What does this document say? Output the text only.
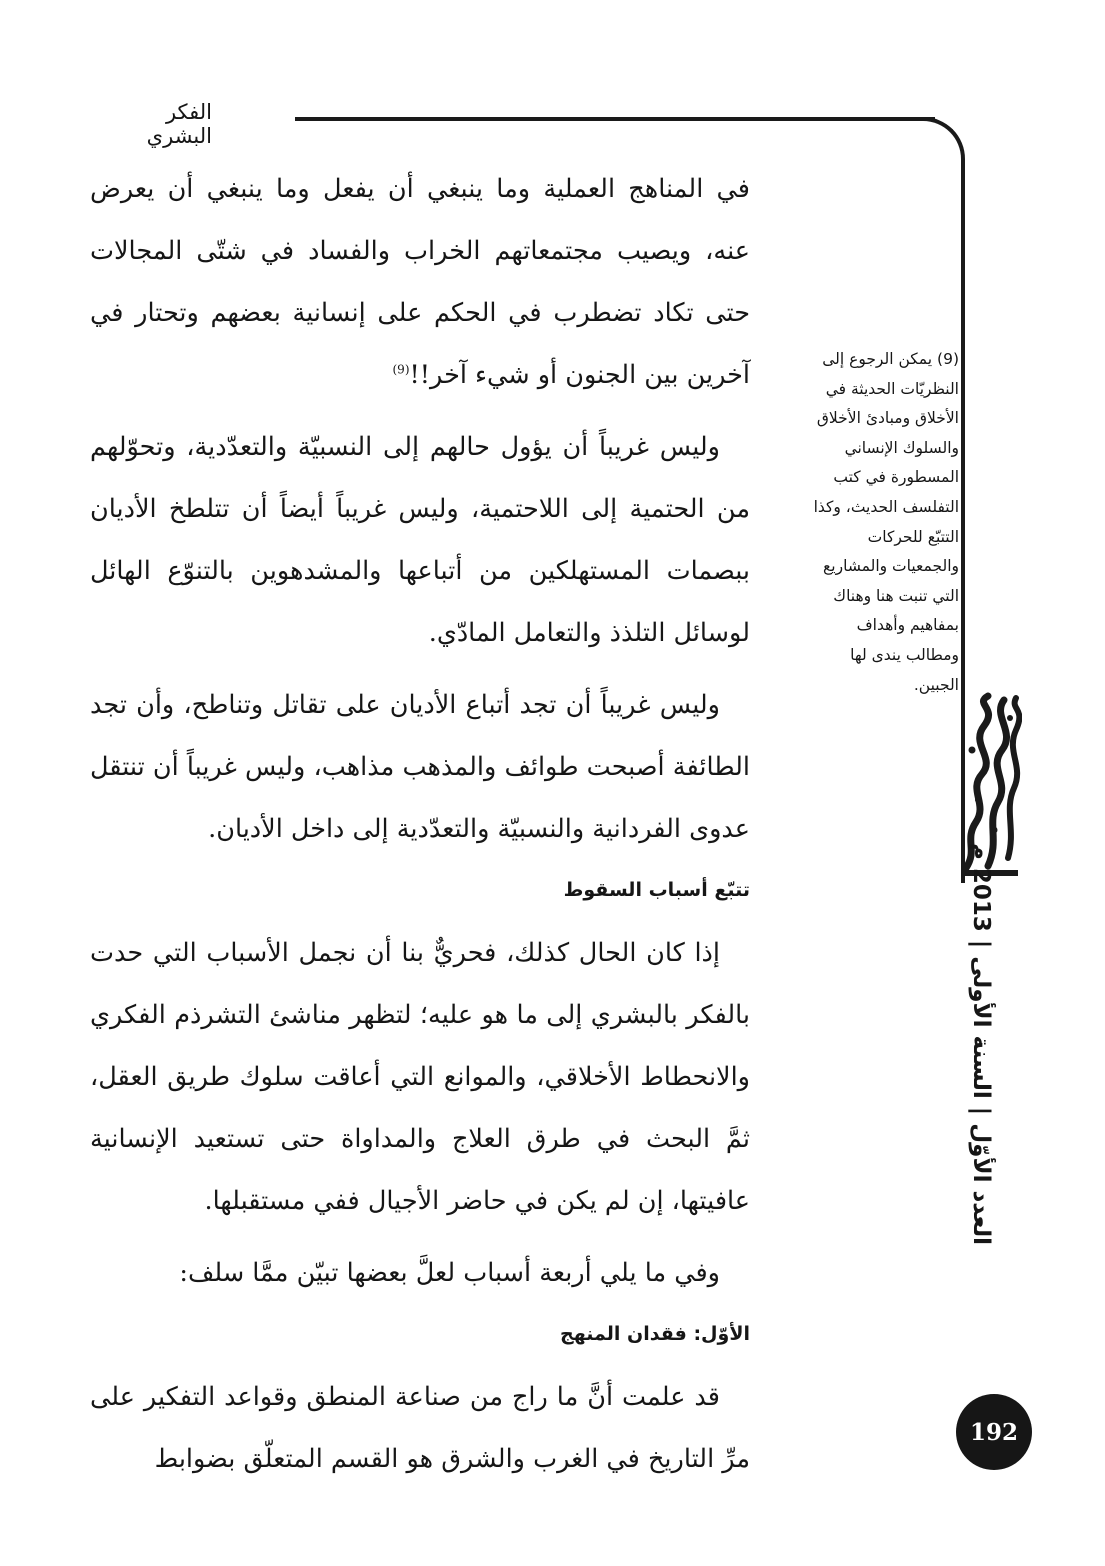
الفكر البشري

في المناهج العملية وما ينبغي أن يفعل وما ينبغي أن يعرض عنه، ويصيب مجتمعاتهم الخراب والفساد في شتّى المجالات حتى تكاد تضطرب في الحكم على إنسانية بعضهم وتحتار في آخرين بين الجنون أو شيء آخر!!$^{(9)}$

وليس غريباً أن يؤول حالهم إلى النسبيّة والتعدّدية، وتحوّلهم من الحتمية إلى اللاحتمية، وليس غريباً أيضاً أن تتلطخ الأديان ببصمات المستهلكين من أتباعها والمشدهوين بالتنوّع الهائل لوسائل التلذذ والتعامل المادّي.

وليس غريباً أن تجد أتباع الأديان على تقاتل وتناطح، وأن تجد الطائفة أصبحت طوائف والمذهب مذاهب، وليس غريباً أن تنتقل عدوى الفردانية والنسبيّة والتعدّدية إلى داخل الأديان.

تتبّع أسباب السقوط

إذا كان الحال كذلك، فحريٌّ بنا أن نجمل الأسباب التي حدت بالفكر بالبشري إلى ما هو عليه؛ لتظهر مناشئ التشرذم الفكري والانحطاط الأخلاقي، والموانع التي أعاقت سلوك طريق العقل، ثمَّ البحث في طرق العلاج والمداواة حتى تستعيد الإنسانية عافيتها، إن لم يكن في حاضر الأجيال ففي مستقبلها.

وفي ما يلي أربعة أسباب لعلَّ بعضها تبيّن ممَّا سلف:

الأوّل: فقدان المنهج

قد علمت أنَّ ما راج من صناعة المنطق وقواعد التفكير على مرِّ التاريخ في الغرب والشرق هو القسم المتعلّق بضوابط

(9) يمكن الرجوع إلى
النظريّات الحديثة في
الأخلاق ومبادئ الأخلاق
والسلوك الإنساني
المسطورة في كتب
التفلسف الحديث، وكذا
التتبّع للحركات
والجمعيات والمشاريع
التي تنبت هنا وهناك
بمفاهيم وأهداف
ومطالب يندى لها
الجبين.
العدد الأوّل | السنة الأولى | 2013 م
192
